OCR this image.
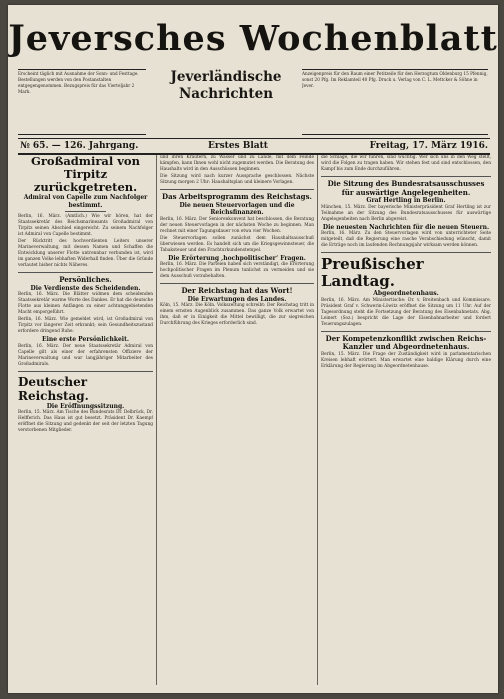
Jeversches Wochenblatt
Erscheint täglich mit Ausnahme der Sonn- und Festtage. Bestellungen werden von den Postanstalten entgegengenommen. Bezugspreis für das Vierteljahr 2 Mark.
Jeverländische Nachrichten
Anzeigenpreis für den Raum einer Petitzeile für den Herzogtum Oldenburg 15 Pfennig, sonst 20 Pfg. Im Reklamteil 40 Pfg. Druck u. Verlag von C. L. Mettcker & Söhne in Jever.
№ 65. — 126. Jahrgang.	Erstes Blatt	Freitag, 17. März 1916.
Großadmiral von Tirpitz zurückgetreten.
Admiral von Capelle zum Nachfolger bestimmt.

Berlin, 16. März. (Amtlich.) Wie wir hören, hat der Staatssekretär des Reichsmarineamts Großadmiral von Tirpitz seinen Abschied eingereicht. Zu seinem Nachfolger ist Admiral von Capelle bestimmt.

Der Rücktritt des hochverdienten Leiters unserer Marineverwaltung, mit dessen Namen und Schaffen die Entwicklung unserer Flotte untrennbar verbunden ist, wird im ganzen Volke lebhaften Widerhall finden. Über die Gründe verlautet bisher nichts Näheres.

Persönliches.
Die Verdienste des Scheidenden.

Berlin, 16. März. Die Blätter widmen dem scheidenden Staatssekretär warme Worte des Dankes. Er hat die deutsche Flotte aus kleinen Anfängen zu einer achtunggebietenden Macht emporgeführt.

Berlin, 16. März. Wie gemeldet wird, ist Großadmiral von Tirpitz vor längerer Zeit erkrankt; sein Gesundheitszustand erfordere dringend Ruhe.

Eine erste Persönlichkeit.

Berlin, 16. März. Der neue Staatssekretär Admiral von Capelle gilt als einer der erfahrensten Offiziere der Marineverwaltung und war langjähriger Mitarbeiter des Großadmirals.

Deutscher Reichstag.
Die Eröffnungssitzung.

Berlin, 15. März. Am Tische des Bundesrats Dr. Delbrück, Dr. Helfferich. Das Haus ist gut besetzt. Präsident Dr. Kaempf eröffnet die Sitzung und gedenkt der seit der letzten Tagung verstorbenen Mitglieder.

und ihren Kräutern, zu Wasser und zu Lande, mit dem Feinde kämpfen, kann Ihnen wohl nicht zugemutet werden. Die Beratung des Haushalts wird in den Ausschüssen beginnen.

Die Sitzung wird nach kurzer Aussprache geschlossen. Nächste Sitzung morgen 2 Uhr: Haushaltsplan und kleinere Vorlagen.

Das Arbeitsprogramm des Reichstags.
Die neuen Steuervorlagen und die Reichsfinanzen.

Berlin, 16. März. Der Seniorenkonvent hat beschlossen, die Beratung der neuen Steuervorlagen in der nächsten Woche zu beginnen. Man rechnet mit einer Tagungsdauer von etwa vier Wochen.

Die Steuervorlagen sollen zunächst dem Haushaltsausschuß überwiesen werden. Es handelt sich um die Kriegsgewinnsteuer, die Tabaksteuer und den Frachturkundenstempel.

Die Erörterung ‚hochpolitischer‘ Fragen.

Berlin, 16. März. Die Parteien haben sich verständigt, die Erörterung hochpolitischer Fragen im Plenum tunlichst zu vermeiden und sie dem Ausschuß vorzubehalten.

Der Reichstag hat das Wort!
Die Erwartungen des Landes.

Köln, 15. März. Die Köln. Volkszeitung schreibt: Der Reichstag tritt in einem ernsten Augenblick zusammen. Das ganze Volk erwartet von ihm, daß er in Einigkeit die Mittel bewilligt, die zur siegreichen Durchführung des Krieges erforderlich sind.

die Schläge, die wir führen, sind wuchtig. Wer sich uns in den Weg stellt, wird die Folgen zu tragen haben. Wir stehen fest und sind entschlossen, den Kampf bis zum Ende durchzuführen.

Die Sitzung des Bundesratsausschusses für auswärtige Angelegenheiten.
Graf Hertling in Berlin.

München, 15. März. Der bayerische Ministerpräsident Graf Hertling ist zur Teilnahme an der Sitzung des Bundesratsausschusses für auswärtige Angelegenheiten nach Berlin abgereist.

Die neuesten Nachrichten für die neuen Steuern.

Berlin, 16. März. Zu den Steuervorlagen wird von unterrichteter Seite mitgeteilt, daß die Regierung eine rasche Verabschiedung wünscht, damit die Erträge noch im laufenden Rechnungsjahr wirksam werden können.

Preußischer Landtag.
Abgeordnetenhaus.

Berlin, 16. März. Am Ministertische: Dr. v. Breitenbach und Kommissare. Präsident Graf v. Schwerin-Löwitz eröffnet die Sitzung um 11 Uhr. Auf der Tagesordnung steht die Fortsetzung der Beratung des Eisenbahnetats. Abg. Leinert (Soz.) bespricht die Lage der Eisenbahnarbeiter und fordert Teuerungszulagen.

Der Kompetenzkonflikt zwischen Reichs-Kanzler und Abgeordnetenhaus.

Berlin, 15. März. Die Frage der Zuständigkeit wird in parlamentarischen Kreisen lebhaft erörtert. Man erwartet eine baldige Klärung durch eine Erklärung der Regierung im Abgeordnetenhause.
